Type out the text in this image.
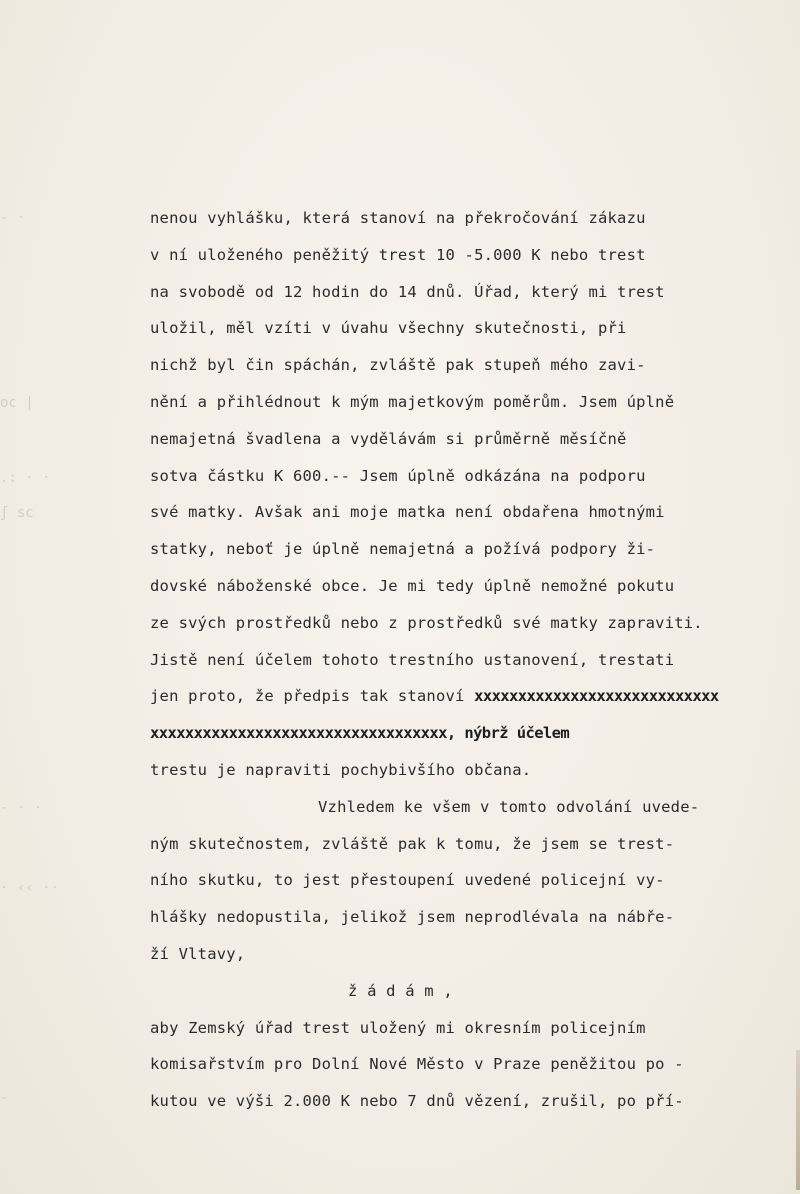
- ·
oc |
.: · ·
ʃ sc
- · ·
· ‹‹ ··
-
nenou vyhlášku, která stanoví na překročování zákazu
v ní uloženého peněžitý trest 10 -5.000 K nebo trest
na svobodě od 12 hodin do 14 dnů. Úřad, který mi trest
uložil, měl vzíti v úvahu všechny skutečnosti, při
nichž byl čin spáchán, zvláště pak stupeň mého zavi-
nění a přihlédnout k mým majetkovým poměrům. Jsem úplně
nemajetná švadlena a vydělávám si průměrně měsíčně
sotva částku K 600.-- Jsem úplně odkázána na podporu
své matky. Avšak ani moje matka není obdařena hmotnými
statky, neboť je úplně nemajetná a požívá podpory ži-
dovské náboženské obce. Je mi tedy úplně nemožné pokutu
ze svých prostředků nebo z prostředků své matky zapraviti.
Jistě není účelem tohoto trestního ustanovení, trestati
jen proto, že předpis tak stanoví xxxxxxxxxxxxxxxxxxxxxxxxxxxx
xxxxxxxxxxxxxxxxxxxxxxxxxxxxxxxxxx, nýbrž účelem
trestu je napraviti pochybivšího občana.
Vzhledem ke všem v tomto odvolání uvede-
ným skutečnostem, zvláště pak k tomu, že jsem se trest-
ního skutku, to jest přestoupení uvedené policejní vy-
hlášky nedopustila, jelikož jsem neprodlévala na nábře-
ží Vltavy,
ž á d á m ,
aby Zemský úřad trest uložený mi okresním policejním
komisařstvím pro Dolní Nové Město v Praze peněžitou po -
kutou ve výši 2.000 K nebo 7 dnů vězení, zrušil, po pří-
